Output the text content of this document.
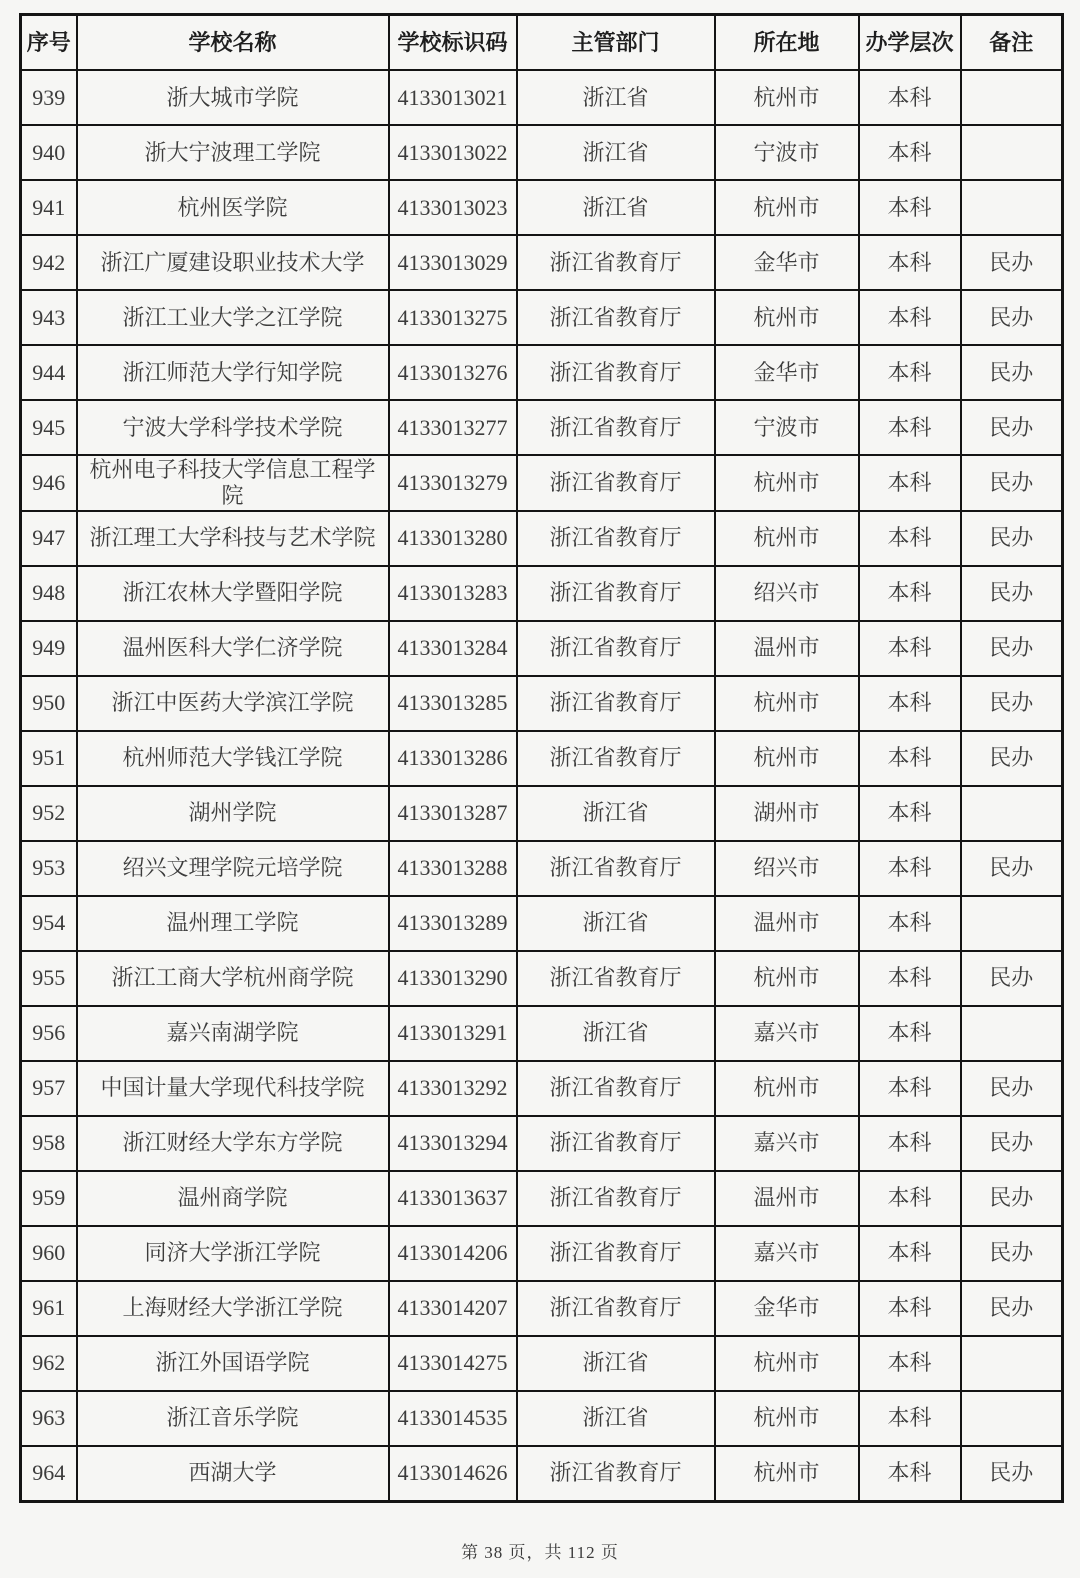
序号	学校名称	学校标识码	主管部门	所在地	办学层次	备注
939	浙大城市学院	4133013021	浙江省	杭州市	本科	
940	浙大宁波理工学院	4133013022	浙江省	宁波市	本科	
941	杭州医学院	4133013023	浙江省	杭州市	本科	
942	浙江广厦建设职业技术大学	4133013029	浙江省教育厅	金华市	本科	民办
943	浙江工业大学之江学院	4133013275	浙江省教育厅	杭州市	本科	民办
944	浙江师范大学行知学院	4133013276	浙江省教育厅	金华市	本科	民办
945	宁波大学科学技术学院	4133013277	浙江省教育厅	宁波市	本科	民办
946	杭州电子科技大学信息工程学院	4133013279	浙江省教育厅	杭州市	本科	民办
947	浙江理工大学科技与艺术学院	4133013280	浙江省教育厅	杭州市	本科	民办
948	浙江农林大学暨阳学院	4133013283	浙江省教育厅	绍兴市	本科	民办
949	温州医科大学仁济学院	4133013284	浙江省教育厅	温州市	本科	民办
950	浙江中医药大学滨江学院	4133013285	浙江省教育厅	杭州市	本科	民办
951	杭州师范大学钱江学院	4133013286	浙江省教育厅	杭州市	本科	民办
952	湖州学院	4133013287	浙江省	湖州市	本科	
953	绍兴文理学院元培学院	4133013288	浙江省教育厅	绍兴市	本科	民办
954	温州理工学院	4133013289	浙江省	温州市	本科	
955	浙江工商大学杭州商学院	4133013290	浙江省教育厅	杭州市	本科	民办
956	嘉兴南湖学院	4133013291	浙江省	嘉兴市	本科	
957	中国计量大学现代科技学院	4133013292	浙江省教育厅	杭州市	本科	民办
958	浙江财经大学东方学院	4133013294	浙江省教育厅	嘉兴市	本科	民办
959	温州商学院	4133013637	浙江省教育厅	温州市	本科	民办
960	同济大学浙江学院	4133014206	浙江省教育厅	嘉兴市	本科	民办
961	上海财经大学浙江学院	4133014207	浙江省教育厅	金华市	本科	民办
962	浙江外国语学院	4133014275	浙江省	杭州市	本科	
963	浙江音乐学院	4133014535	浙江省	杭州市	本科	
964	西湖大学	4133014626	浙江省教育厅	杭州市	本科	民办
第 38 页，共 112 页
